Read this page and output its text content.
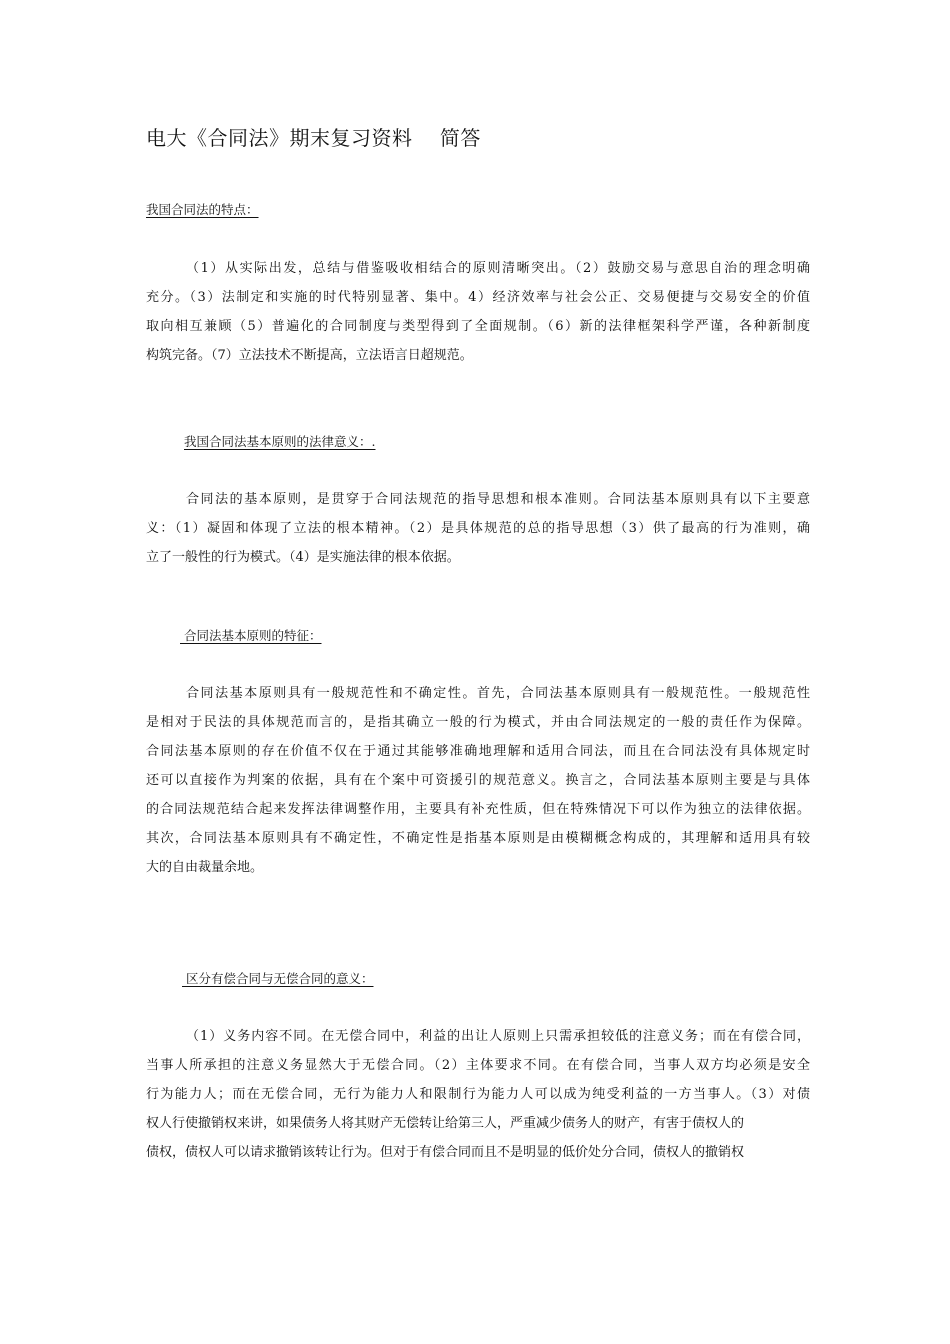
电大《合同法》期末复习资料    简答
我国合同法的特点：
（1）从实际出发，总结与借鉴吸收相结合的原则清晰突出。（2）鼓励交易与意思自治的理念明确
充分。（3）法制定和实施的时代特别显著、集中。4）经济效率与社会公正、交易便捷与交易安全的价值
取向相互兼顾（5）普遍化的合同制度与类型得到了全面规制。（6）新的法律框架科学严谨，各种新制度
构筑完备。（7）立法技术不断提高，立法语言日超规范。
我国合同法基本原则的法律意义：.
合同法的基本原则，是贯穿于合同法规范的指导思想和根本准则。合同法基本原则具有以下主要意
义：（1）凝固和体现了立法的根本精神。（2）是具体规范的总的指导思想（3）供了最高的行为准则，确
立了一般性的行为模式。（4）是实施法律的根本依据。
合同法基本原则的特征：
合同法基本原则具有一般规范性和不确定性。首先，合同法基本原则具有一般规范性。一般规范性
是相对于民法的具体规范而言的，是指其确立一般的行为模式，并由合同法规定的一般的责任作为保障。
合同法基本原则的存在价值不仅在于通过其能够准确地理解和适用合同法，而且在合同法没有具体规定时
还可以直接作为判案的依据，具有在个案中可资援引的规范意义。换言之，合同法基本原则主要是与具体
的合同法规范结合起来发挥法律调整作用，主要具有补充性质，但在特殊情况下可以作为独立的法律依据。
其次，合同法基本原则具有不确定性，不确定性是指基本原则是由模糊概念构成的，其理解和适用具有较
大的自由裁量余地。
区分有偿合同与无偿合同的意义：
（1）义务内容不同。在无偿合同中，利益的出让人原则上只需承担较低的注意义务；而在有偿合同，
当事人所承担的注意义务显然大于无偿合同。（2）主体要求不同。在有偿合同，当事人双方均必须是安全
行为能力人；而在无偿合同，无行为能力人和限制行为能力人可以成为纯受利益的一方当事人。（3）对债
权人行使撤销权来讲，如果债务人将其财产无偿转让给第三人，严重减少债务人的财产，有害于债权人的
债权，债权人可以请求撤销该转让行为。但对于有偿合同而且不是明显的低价处分合同，债权人的撤销权
